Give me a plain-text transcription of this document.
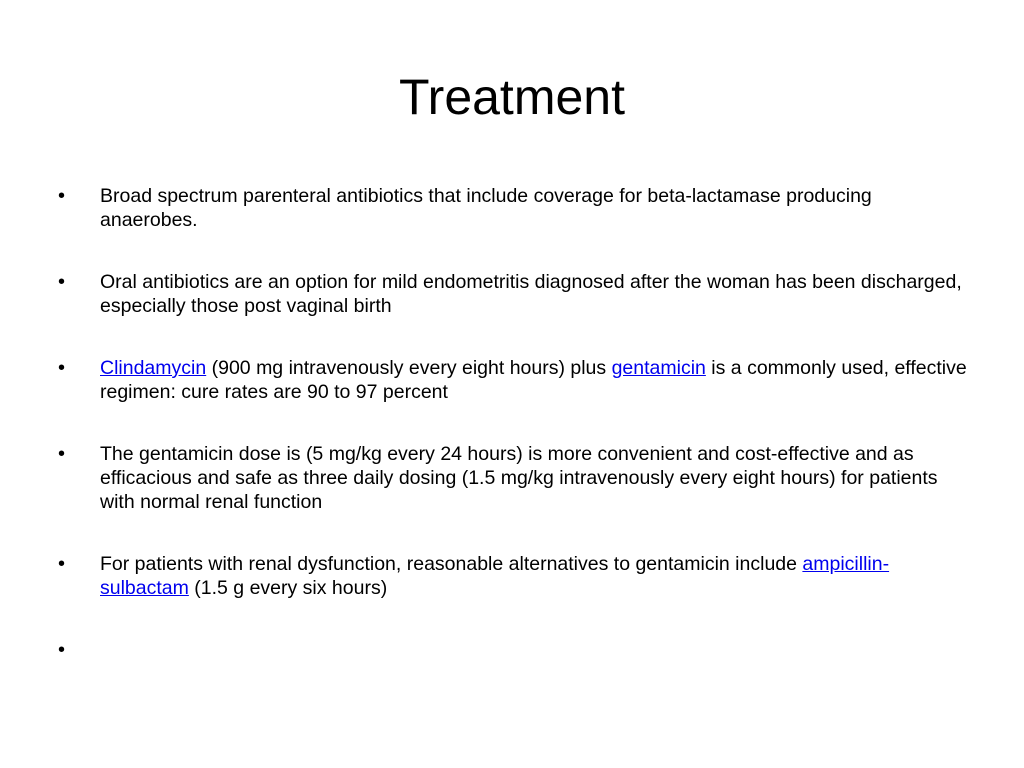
Treatment
• Broad spectrum parenteral antibiotics that include coverage for beta-lactamase producing anaerobes.
• Oral antibiotics are an option for mild endometritis diagnosed after the woman has been discharged, especially those post vaginal birth
• Clindamycin (900 mg intravenously every eight hours) plus gentamicin is a commonly used, effective regimen: cure rates are 90 to 97 percent
• The gentamicin dose is (5 mg/kg every 24 hours) is more convenient and cost-effective and as efficacious and safe as three daily dosing (1.5 mg/kg intravenously every eight hours) for patients with normal renal function
• For patients with renal dysfunction, reasonable alternatives to gentamicin include ampicillin-sulbactam (1.5 g every six hours)
•
